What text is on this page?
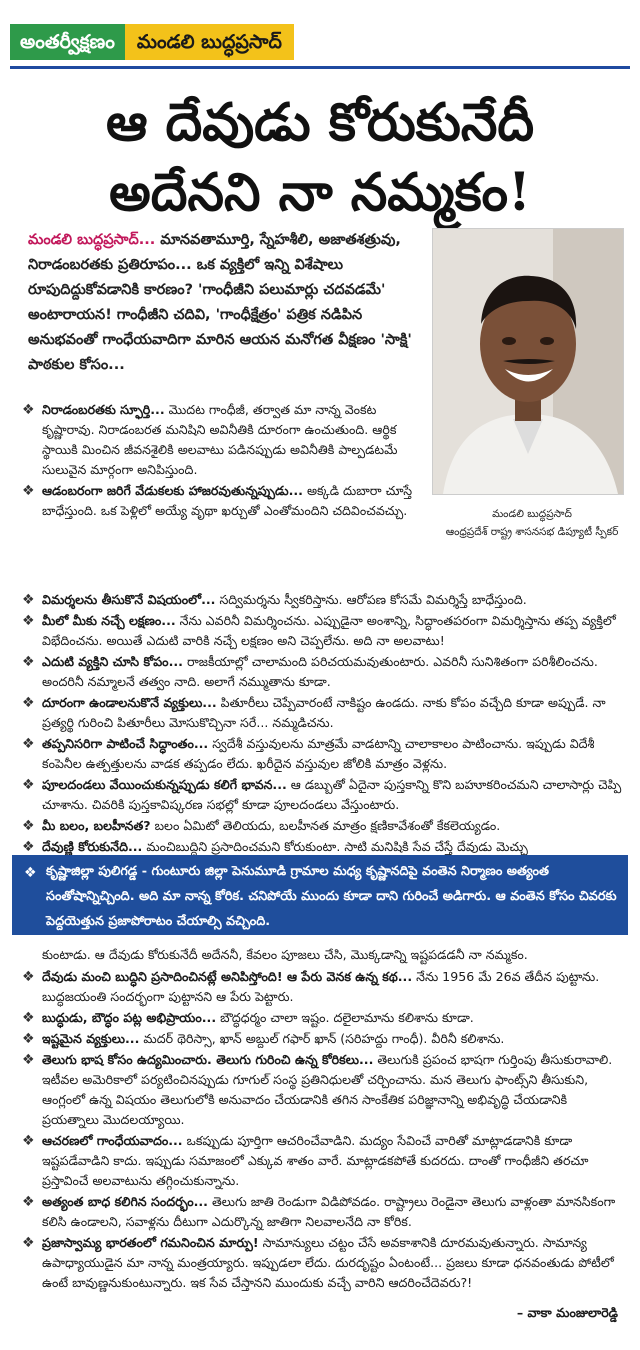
అంతర్వీక్షణం	మండలి బుద్ధప్రసాద్
ఆ దేవుడు కోరుకునేదీ
అదేనని నా నమ్మకం!
మండలి బుద్ధప్రసాద్... మానవతామూర్తి, స్నేహశీలి, అజాతశత్రువు, నిరాడంబరతకు ప్రతిరూపం... ఒక వ్యక్తిలో ఇన్ని విశేషాలు రూపుదిద్దుకోవడానికి కారణం? 'గాంధీజీని పలుమార్లు చదవడమే' అంటారాయన! గాంధీజీని చదివి, 'గాంధీక్షేత్రం' పత్రిక నడిపిన అనుభవంతో గాంధేయవాదిగా మారిన ఆయన మనోగత వీక్షణం 'సాక్షి' పాఠకుల కోసం...
మండలి బుద్ధప్రసాద్
ఆంధ్రప్రదేశ్ రాష్ట్ర శాసనసభ డిప్యూటీ స్పీకర్
❖ నిరాడంబరతకు స్ఫూర్తి... మొదట గాంధీజీ, తర్వాత మా నాన్న వెంకట కృష్ణారావు. నిరాడంబరత మనిషిని అవినీతికి దూరంగా ఉంచుతుంది. ఆర్థిక స్థాయికి మించిన జీవనశైలికి అలవాటు పడినప్పుడు అవినీతికి పాల్పడటమే సులువైన మార్గంగా అనిపిస్తుంది.
❖ ఆడంబరంగా జరిగే వేడుకలకు హాజరవుతున్నప్పుడు... అక్కడి దుబారా చూస్తే బాధేస్తుంది. ఒక పెళ్లిలో అయ్యే వృథా ఖర్చుతో ఎంతోమందిని చదివించవచ్చు.
❖ విమర్శలను తీసుకొనే విషయంలో... సద్విమర్శను స్వీకరిస్తాను. ఆరోపణ కోసమే విమర్శిస్తే బాధేస్తుంది.
❖ మీలో మీకు నచ్చే లక్షణం... నేను ఎవరినీ విమర్శించను. ఎప్పుడైనా అంశాన్ని, సిద్ధాంతపరంగా విమర్శిస్తాను తప్ప వ్యక్తిలో విభేదించను. అయితే ఎదుటి వారికి నచ్చే లక్షణం అని చెప్పలేను. అది నా అలవాటు!
❖ ఎదుటి వ్యక్తిని చూసి కోపం... రాజకీయాల్లో చాలామంది పరిచయమవుతుంటారు. ఎవరినీ సునిశితంగా పరిశీలించను. అందరినీ నమ్మాలనే తత్వం నాది. అలాగే నమ్ముతాను కూడా.
❖ దూరంగా ఉండాలనుకొనే వ్యక్తులు... పితూరీలు చెప్పేవారంటే నాకిష్టం ఉండదు. నాకు కోపం వచ్చేది కూడా అప్పుడే. నా ప్రత్యర్థి గురించి పితూరీలు మోసుకొచ్చినా సరే... నమ్మడిచను.
❖ తప్పనిసరిగా పాటించే సిద్ధాంతం... స్వదేశీ వస్తువులను మాత్రమే వాడటాన్ని చాలాకాలం పాటించాను. ఇప్పుడు విదేశీ కంపెనీల ఉత్పత్తులను వాడక తప్పడం లేదు. ఖరీదైన వస్తువుల జోలికి మాత్రం వెళ్లను.
❖ పూలదండలు వేయించుకున్నప్పుడు కలిగే భావన... ఆ డబ్బుతో ఏదైనా పుస్తకాన్ని కొని బహూకరించమని చాలాసార్లు చెప్పి చూశాను. చివరికి పుస్తకావిష్కరణ సభల్లో కూడా పూలదండలు వేస్తుంటారు.
❖ మీ బలం, బలహీనత? బలం ఏమిటో తెలియదు, బలహీనత మాత్రం క్షణికావేశంతో కేకలెయ్యడం.
❖ దేవుణ్ణి కోరుకునేది... మంచిబుద్ధిని ప్రసాదించమని కోరుకుంటా. సాటి మనిషికి సేవ చేస్తే దేవుడు మెచ్చు
❖ కృష్ణాజిల్లా పులిగడ్డ - గుంటూరు జిల్లా పెనుమూడి గ్రామాల మధ్య కృష్ణానదిపై వంతెన నిర్మాణం అత్యంత సంతోషాన్నిచ్చింది. అది మా నాన్న కోరిక. చనిపోయే ముందు కూడా దాని గురించే అడిగారు. ఆ వంతెన కోసం చివరకు పెద్దయెత్తున ప్రజాపోరాటం చేయాల్సి వచ్చింది.
కుంటాడు. ఆ దేవుడు కోరుకునేదీ అదేననీ, కేవలం పూజలు చేసి, మొక్కడాన్ని ఇష్టపడడనీ నా నమ్మకం.
❖ దేవుడు మంచి బుద్ధిని ప్రసాదించినట్లే అనిపిస్తోంది! ఆ పేరు వెనక ఉన్న కథ... నేను 1956 మే 26వ తేదీన పుట్టాను. బుద్ధజయంతి సందర్భంగా పుట్టానని ఆ పేరు పెట్టారు.
❖ బుద్ధుడు, బౌద్ధం పట్ల అభిప్రాయం... బౌద్ధధర్మం చాలా ఇష్టం. దలైలామాను కలిశాను కూడా.
❖ ఇష్టమైన వ్యక్తులు... మదర్ థెరిస్సా, ఖాన్ అబ్దుల్ గఫార్ ఖాన్ (సరిహద్దు గాంధీ). వీరినీ కలిశాను.
❖ తెలుగు భాష కోసం ఉద్యమించారు. తెలుగు గురించి ఉన్న కోరికలు... తెలుగుకి ప్రపంచ భాషగా గుర్తింపు తీసుకురావాలి. ఇటీవల అమెరికాలో పర్యటించినప్పుడు గూగుల్ సంస్థ ప్రతినిధులతో చర్చించాను. మన తెలుగు ఫాంట్స్‌ని తీసుకుని, ఆంగ్లంలో ఉన్న విషయం తెలుగులోకి అనువాదం చేయడానికి తగిన సాంకేతిక పరిజ్ఞానాన్ని అభివృద్ధి చేయడానికి ప్రయత్నాలు మొదలయ్యాయి.
❖ ఆచరణలో గాంధేయవాదం... ఒకప్పుడు పూర్తిగా ఆచరించేవాడిని. మద్యం సేవించే వారితో మాట్లాడడానికి కూడా ఇష్టపడేవాడిని కాదు. ఇప్పుడు సమాజంలో ఎక్కువ శాతం వారే. మాట్లాడకపోతే కుదరదు. దాంతో గాంధీజీని తరచూ ప్రస్తావించే అలవాటును తగ్గించుకున్నాను.
❖ అత్యంత బాధ కలిగిన సందర్భం... తెలుగు జాతి రెండుగా విడిపోవడం. రాష్ట్రాలు రెండైనా తెలుగు వాళ్లంతా మానసికంగా కలిసి ఉండాలని, సవాళ్లను దీటుగా ఎదుర్కొన్న జాతిగా నిలవాలనేది నా కోరిక.
❖ ప్రజాస్వామ్య భారతంలో గమనించిన మార్పు! సామాన్యులు చట్టం చేసే అవకాశానికి దూరమవుతున్నారు. సామాన్య ఉపాధ్యాయుడైన మా నాన్న మంత్రయ్యారు. ఇప్పుడలా లేదు. దురదృష్టం ఏంటంటే... ప్రజలు కూడా ధనవంతుడు పోటీలో ఉంటే బావుణ్ణనుకుంటున్నారు. ఇక సేవ చేస్తానని ముందుకు వచ్చే వారిని ఆదరించేదెవరు?!
– వాకా మంజులారెడ్డి
